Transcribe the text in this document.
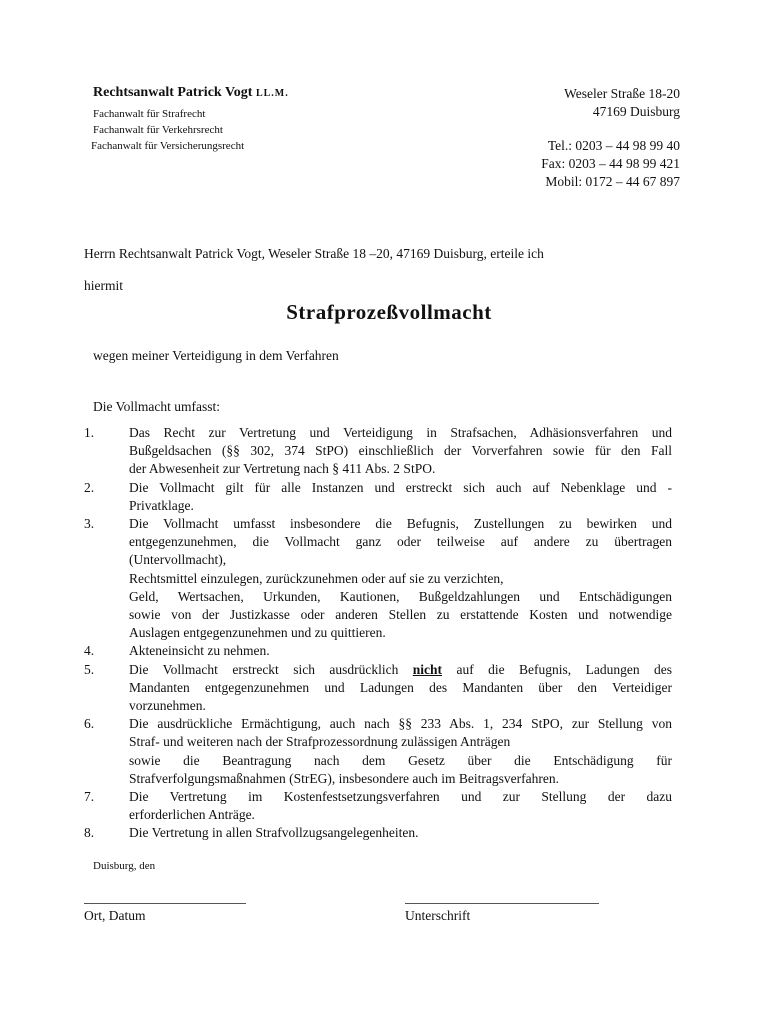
Rechtsanwalt Patrick Vogt LL.M.
Fachanwalt für Strafrecht
Fachanwalt für Verkehrsrecht
Fachanwalt für Versicherungsrecht
Weseler Straße 18-20
47169 Duisburg
Tel.: 0203 – 44 98 99 40
Fax: 0203 – 44 98 99 421
Mobil: 0172 – 44 67 897
Herrn Rechtsanwalt Patrick Vogt, Weseler Straße 18 –20, 47169 Duisburg, erteile ich
hiermit
Strafprozeßvollmacht
wegen meiner Verteidigung in dem Verfahren
Die Vollmacht umfasst:
1.	Das Recht zur Vertretung und Verteidigung in Strafsachen, Adhäsionsverfahren und
Bußgeldsachen (§§ 302, 374 StPO) einschließlich der Vorverfahren sowie für den Fall
der Abwesenheit zur Vertretung nach § 411 Abs. 2 StPO.
2.	Die Vollmacht gilt für alle Instanzen und erstreckt sich auch auf Nebenklage und -
Privatklage.
3.	Die Vollmacht umfasst insbesondere die Befugnis, Zustellungen zu bewirken und
entgegenzunehmen, die Vollmacht ganz oder teilweise auf andere zu übertragen
(Untervollmacht),
Rechtsmittel einzulegen, zurückzunehmen oder auf sie zu verzichten,
Geld, Wertsachen, Urkunden, Kautionen, Bußgeldzahlungen und Entschädigungen
sowie von der Justizkasse oder anderen Stellen zu erstattende Kosten und notwendige
Auslagen entgegenzunehmen und zu quittieren.
4.	Akteneinsicht zu nehmen.
5.	Die Vollmacht erstreckt sich ausdrücklich nicht auf die Befugnis, Ladungen des
Mandanten entgegenzunehmen und Ladungen des Mandanten über den Verteidiger
vorzunehmen.
6.	Die ausdrückliche Ermächtigung, auch nach §§ 233 Abs. 1, 234 StPO, zur Stellung von
Straf- und weiteren nach der Strafprozessordnung zulässigen Anträgen
sowie die Beantragung nach dem Gesetz über die Entschädigung für
Strafverfolgungsmaßnahmen (StrEG), insbesondere auch im Beitragsverfahren.
7.	Die Vertretung im Kostenfestsetzungsverfahren und zur Stellung der dazu
erforderlichen Anträge.
8.	Die Vertretung in allen Strafvollzugsangelegenheiten.
Duisburg, den
Ort, Datum	Unterschrift
